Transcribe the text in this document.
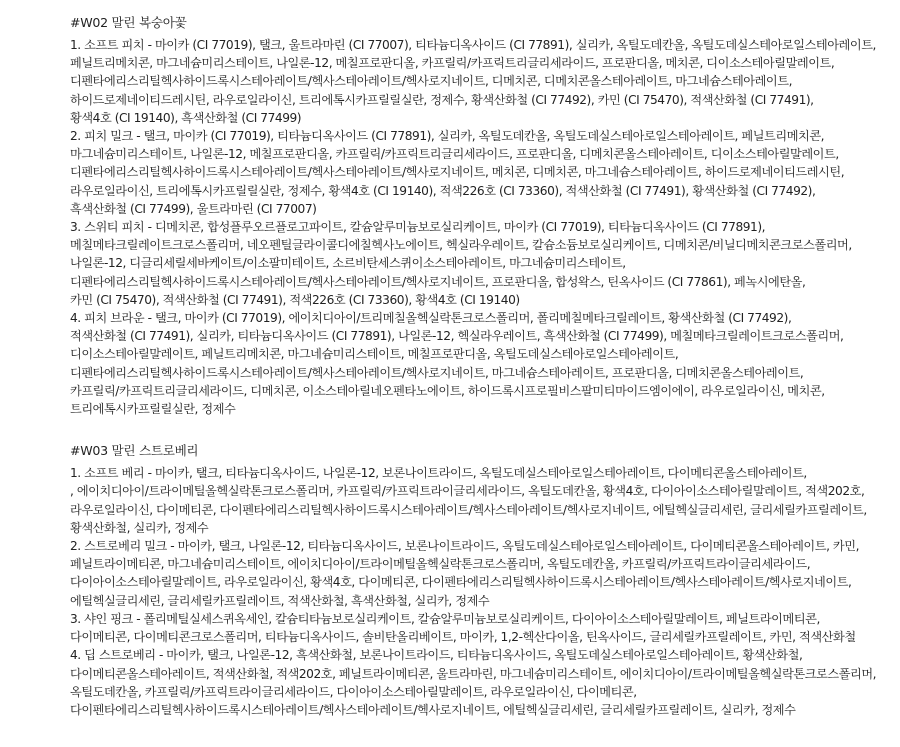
#W02 말린 복숭아꽃
1. 소프트 피치 - 마이카 (CI 77019), 탤크, 울트라마린 (CI 77007), 티타늄디옥사이드 (CI 77891), 실리카, 옥틸도데칸올, 옥틸도데실스테아로일스테아레이트,
페닐트리메치콘, 마그네슘미리스테이트, 나일론-12, 메칠프로판디올, 카프릴릭/카프릭트리글리세라이드, 프로판디올, 메치콘, 디이소스테아릴말레이트,
디펜타에리스리틸헥사하이드록시스테아레이트/헥사스테아레이트/헥사로지네이트, 디메치콘, 디메치콘올스테아레이트, 마그네슘스테아레이트,
하이드로제네이티드레시틴, 라우로일라이신, 트리에톡시카프릴릴실란, 정제수, 황색산화철 (CI 77492), 카민 (CI 75470), 적색산화철 (CI 77491),
황색4호 (CI 19140), 흑색산화철 (CI 77499)
2. 피치 밀크 - 탤크, 마이카 (CI 77019), 티타늄디옥사이드 (CI 77891), 실리카, 옥틸도데칸올, 옥틸도데실스테아로일스테아레이트, 페닐트리메치콘,
마그네슘미리스테이트, 나일론-12, 메칠프로판디올, 카프릴릭/카프릭트리글리세라이드, 프로판디올, 디메치콘올스테아레이트, 디이소스테아릴말레이트,
디펜타에리스리틸헥사하이드록시스테아레이트/헥사스테아레이트/헥사로지네이트, 메치콘, 디메치콘, 마그네슘스테아레이트, 하이드로제네이티드레시틴,
라우로일라이신, 트리에톡시카프릴릴실란, 정제수, 황색4호 (CI 19140), 적색226호 (CI 73360), 적색산화철 (CI 77491), 황색산화철 (CI 77492),
흑색산화철 (CI 77499), 울트라마린 (CI 77007)
3. 스위티 피치 - 디메치콘, 합성플루오르플로고파이트, 칼슘알루미늄보로실리케이트, 마이카 (CI 77019), 티타늄디옥사이드 (CI 77891),
메칠메타크릴레이트크로스폴리머, 네오펜틸글라이콜디에칠헥사노에이트, 헥실라우레이트, 칼슘소듐보로실리케이트, 디메치콘/비닐디메치콘크로스폴리머,
나일론-12, 디글리세릴세바케이트/이소팔미테이트, 소르비탄세스퀴이소스테아레이트, 마그네슘미리스테이트,
디펜타에리스리틸헥사하이드록시스테아레이트/헥사스테아레이트/헥사로지네이트, 프로판디올, 합성왁스, 틴옥사이드 (CI 77861), 페녹시에탄올,
카민 (CI 75470), 적색산화철 (CI 77491), 적색226호 (CI 73360), 황색4호 (CI 19140)
4. 피치 브라운 - 탤크, 마이카 (CI 77019), 에이치디아이/트리메칠올헥실락톤크로스폴리머, 폴리메칠메타크릴레이트, 황색산화철 (CI 77492),
적색산화철 (CI 77491), 실리카, 티타늄디옥사이드 (CI 77891), 나일론-12, 헥실라우레이트, 흑색산화철 (CI 77499), 메칠메타크릴레이트크로스폴리머,
디이소스테아릴말레이트, 페닐트리메치콘, 마그네슘미리스테이트, 메칠프로판디올, 옥틸도데실스테아로일스테아레이트,
디펜타에리스리틸헥사하이드록시스테아레이트/헥사스테아레이트/헥사로지네이트, 마그네슘스테아레이트, 프로판디올, 디메치콘올스테아레이트,
카프릴릭/카프릭트리글리세라이드, 디메치콘, 이소스테아릴네오펜타노에이트, 하이드록시프로필비스팔미티마이드엠이에이, 라우로일라이신, 메치콘,
트리에톡시카프릴릴실란, 정제수
#W03 말린 스트로베리
1. 소프트 베리 - 마이카, 탤크, 티타늄디옥사이드, 나일론-12, 보론나이트라이드, 옥틸도데실스테아로일스테아레이트, 다이메티콘올스테아레이트,
, 에이치디아이/트라이메틸올헥실락톤크로스폴리머, 카프릴릭/카프릭트라이글리세라이드, 옥틸도데칸올, 황색4호, 다이아이소스테아릴말레이트, 적색202호,
라우로일라이신, 다이메티콘, 다이펜타에리스리틸헥사하이드록시스테아레이트/헥사스테아레이트/헥사로지네이트, 에틸헥실글리세린, 글리세릴카프릴레이트,
황색산화철, 실리카, 정제수
2. 스트로베리 밀크 - 마이카, 탤크, 나일론-12, 티타늄디옥사이드, 보론나이트라이드, 옥틸도데실스테아로일스테아레이트, 다이메티콘올스테아레이트, 카민,
페닐트라이메티콘, 마그네슘미리스테이트, 에이치디아이/트라이메틸올헥실락톤크로스폴리머, 옥틸도데칸올, 카프릴릭/카프릭트라이글리세라이드,
다이아이소스테아릴말레이트, 라우로일라이신, 황색4호, 다이메티콘, 다이펜타에리스리틸헥사하이드록시스테아레이트/헥사스테아레이트/헥사로지네이트,
에틸헥실글리세린, 글리세릴카프릴레이트, 적색산화철, 흑색산화철, 실리카, 정제수
3. 샤인 핑크 - 폴리메틸실세스퀴옥세인, 칼슘티타늄보로실리케이트, 칼슘알루미늄보로실리케이트, 다이아이소스테아릴말레이트, 페닐트라이메티콘,
다이메티콘, 다이메티콘크로스폴리머, 티타늄디옥사이드, 솔비탄올리베이트, 마이카, 1,2-헥산다이올, 틴옥사이드, 글리세릴카프릴레이트, 카민, 적색산화철
4. 딥 스트로베리 - 마이카, 탤크, 나일론-12, 흑색산화철, 보론나이트라이드, 티타늄디옥사이드, 옥틸도데실스테아로일스테아레이트, 황색산화철,
다이메티콘올스테아레이트, 적색산화철, 적색202호, 페닐트라이메티콘, 울트라마린, 마그네슘미리스테이트, 에이치디아이/트라이메틸올헥실락톤크로스폴리머,
옥틸도데칸올, 카프릴릭/카프릭트라이글리세라이드, 다이아이소스테아릴말레이트, 라우로일라이신, 다이메티콘,
다이펜타에리스리틸헥사하이드록시스테아레이트/헥사스테아레이트/헥사로지네이트, 에틸헥실글리세린, 글리세릴카프릴레이트, 실리카, 정제수
